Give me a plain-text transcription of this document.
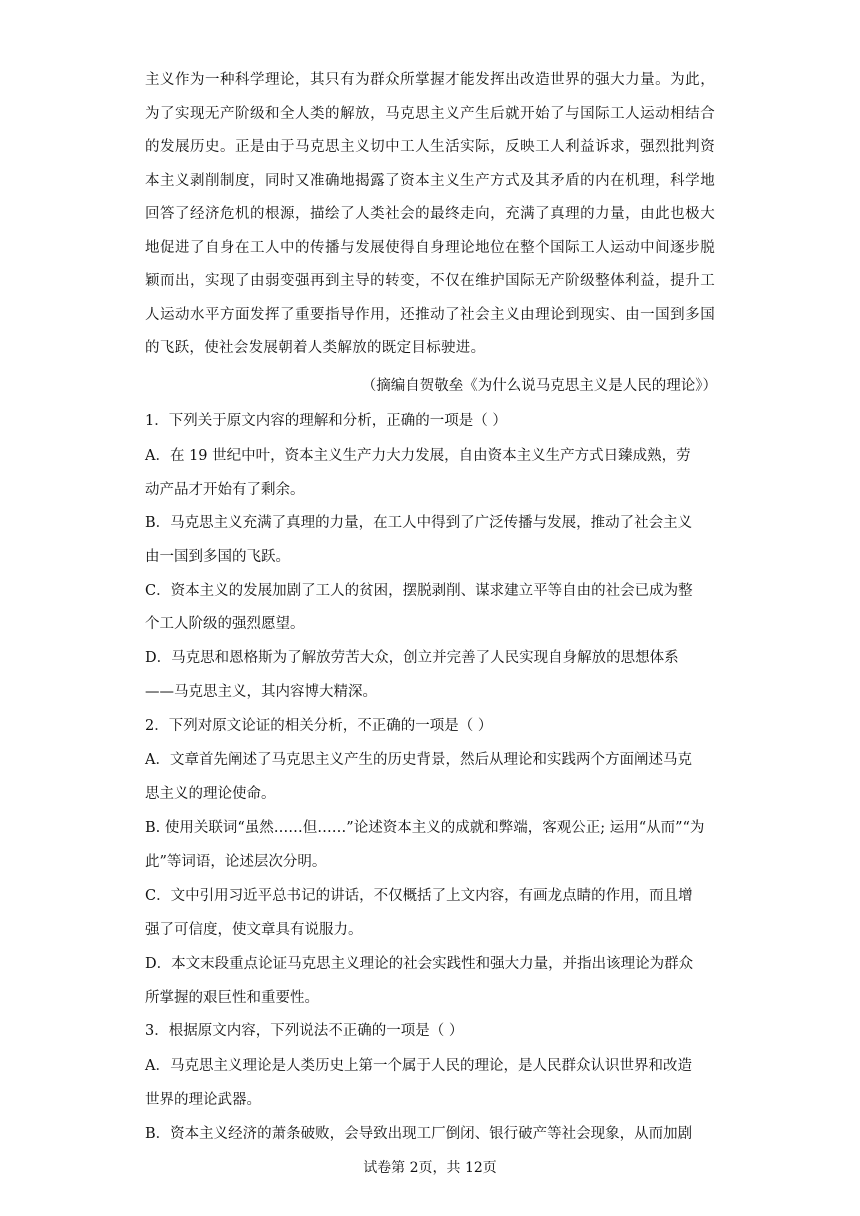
主义作为一种科学理论，其只有为群众所掌握才能发挥出改造世界的强大力量。为此，为了实现无产阶级和全人类的解放，马克思主义产生后就开始了与国际工人运动相结合的发展历史。正是由于马克思主义切中工人生活实际，反映工人利益诉求，强烈批判资本主义剥削制度，同时又准确地揭露了资本主义生产方式及其矛盾的内在机理，科学地回答了经济危机的根源，描绘了人类社会的最终走向，充满了真理的力量，由此也极大地促进了自身在工人中的传播与发展使得自身理论地位在整个国际工人运动中间逐步脱颖而出，实现了由弱变强再到主导的转变，不仅在维护国际无产阶级整体利益，提升工人运动水平方面发挥了重要指导作用，还推动了社会主义由理论到现实、由一国到多国的飞跃，使社会发展朝着人类解放的既定目标驶进。

（摘编自贺敬垒《为什么说马克思主义是人民的理论》）

1．下列关于原文内容的理解和分析，正确的一项是（ ）

A．在 19 世纪中叶，资本主义生产力大力发展，自由资本主义生产方式日臻成熟，劳

动产品才开始有了剩余。

B．马克思主义充满了真理的力量，在工人中得到了广泛传播与发展，推动了社会主义

由一国到多国的飞跃。

C．资本主义的发展加剧了工人的贫困，摆脱剥削、谋求建立平等自由的社会已成为整

个工人阶级的强烈愿望。

D．马克思和恩格斯为了解放劳苦大众，创立并完善了人民实现自身解放的思想体系

——马克思主义，其内容博大精深。

2．下列对原文论证的相关分析，不正确的一项是（ ）

A．文章首先阐述了马克思主义产生的历史背景，然后从理论和实践两个方面阐述马克

思主义的理论使命。

B. 使用关联词“虽然……但……”论述资本主义的成就和弊端，客观公正; 运用“从而”“为

此”等词语，论述层次分明。

C．文中引用习近平总书记的讲话，不仅概括了上文内容，有画龙点睛的作用，而且增

强了可信度，使文章具有说服力。

D．本文末段重点论证马克思主义理论的社会实践性和强大力量，并指出该理论为群众

所掌握的艰巨性和重要性。

3．根据原文内容，下列说法不正确的一项是（ ）

A．马克思主义理论是人类历史上第一个属于人民的理论，是人民群众认识世界和改造

世界的理论武器。

B．资本主义经济的萧条破败，会导致出现工厂倒闭、银行破产等社会现象，从而加剧

试卷第 2页，共 12页
